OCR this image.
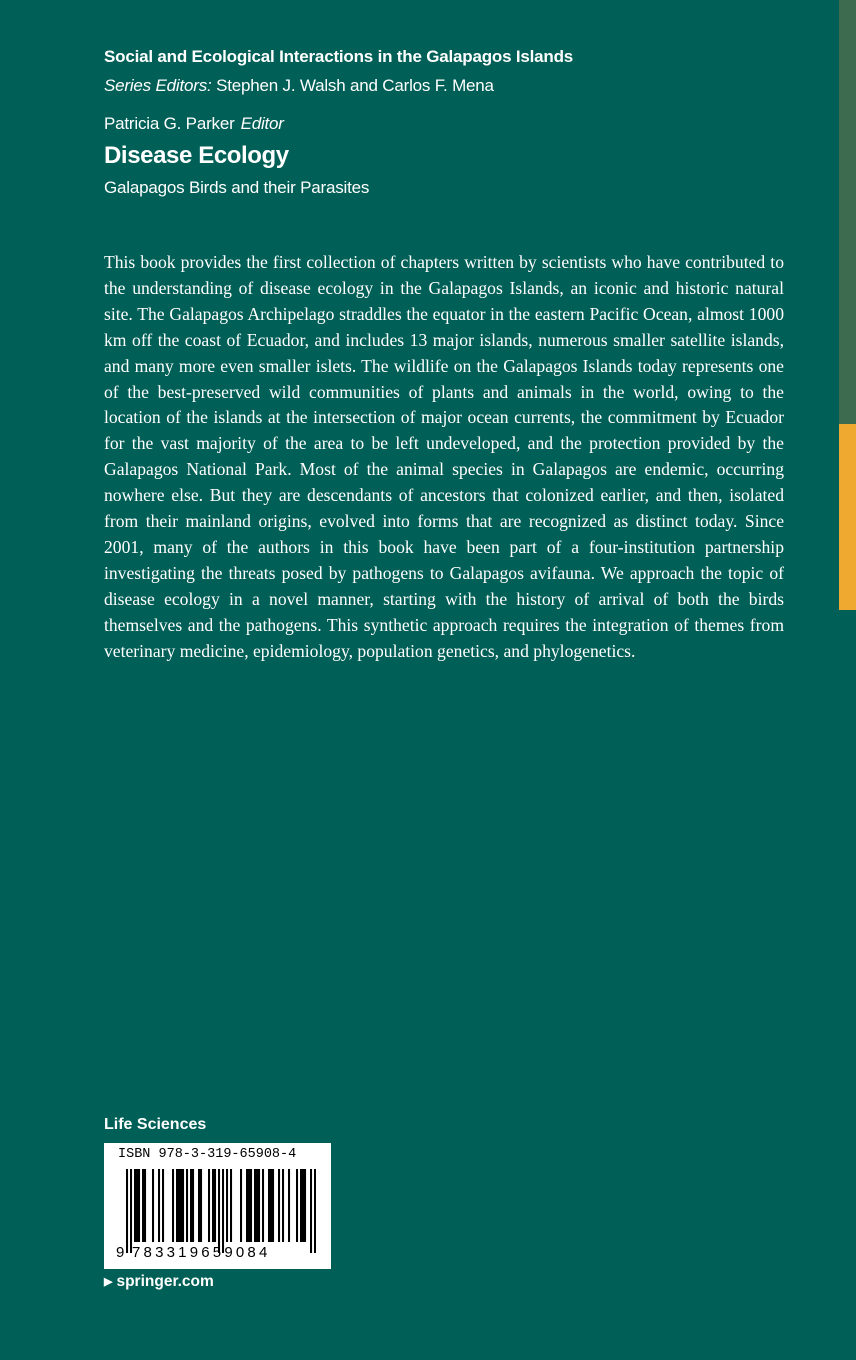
Social and Ecological Interactions in the Galapagos Islands
Series Editors: Stephen J. Walsh and Carlos F. Mena
Patricia G. Parker Editor
Disease Ecology
Galapagos Birds and their Parasites

This book provides the first collection of chapters written by scientists who have contributed to the understanding of disease ecology in the Galapagos Islands, an iconic and historic natural site. The Galapagos Archipelago straddles the equator in the eastern Pacific Ocean, almost 1000 km off the coast of Ecuador, and includes 13 major islands, numerous smaller satellite islands, and many more even smaller islets. The wildlife on the Galapagos Islands today represents one of the best-preserved wild communities of plants and animals in the world, owing to the location of the islands at the intersection of major ocean currents, the commitment by Ecuador for the vast majority of the area to be left undeveloped, and the protection provided by the Galapagos National Park. Most of the animal species in Galapagos are endemic, occurring nowhere else. But they are descendants of ancestors that colonized earlier, and then, isolated from their mainland origins, evolved into forms that are recognized as distinct today. Since 2001, many of the authors in this book have been part of a four-institution partnership investigating the threats posed by pathogens to Galapagos avifauna. We approach the topic of disease ecology in a novel manner, starting with the history of arrival of both the birds themselves and the pathogens. This synthetic approach requires the integration of themes from veterinary medicine, epidemiology, population genetics, and phylogenetics.

Life Sciences
ISBN 978-3-319-65908-4
9 783319659084
▶ springer.com
